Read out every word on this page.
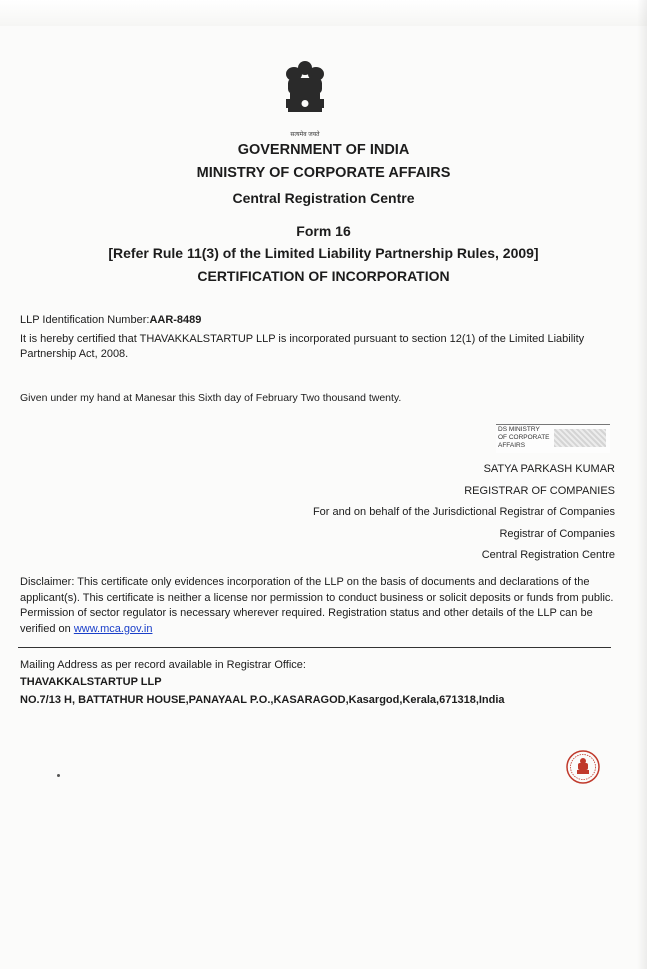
सत्यमेव जयते
GOVERNMENT OF INDIA
MINISTRY OF CORPORATE AFFAIRS
Central Registration Centre
Form 16
[Refer Rule 11(3) of the Limited Liability Partnership Rules, 2009]
CERTIFICATION OF INCORPORATION
LLP Identification Number:AAR-8489
It is hereby certified that THAVAKKALSTARTUP LLP is incorporated pursuant to section 12(1) of the Limited Liability Partnership Act, 2008.
Given under my hand at Manesar this Sixth day of February Two thousand twenty.
DS MINISTRY
OF CORPORATE
AFFAIRS
SATYA PARKASH KUMAR
REGISTRAR OF COMPANIES
For and on behalf of the Jurisdictional Registrar of Companies
Registrar of Companies
Central Registration Centre
Disclaimer: This certificate only evidences incorporation of the LLP on the basis of documents and declarations of the applicant(s). This certificate is neither a license nor permission to conduct business or solicit deposits or funds from public. Permission of sector regulator is necessary wherever required. Registration status and other details of the LLP can be verified on www.mca.gov.in
Mailing Address as per record available in Registrar Office:
THAVAKKALSTARTUP LLP
NO.7/13 H, BATTATHUR HOUSE,PANAYAAL P.O.,KASARAGOD,Kasargod,Kerala,671318,India
